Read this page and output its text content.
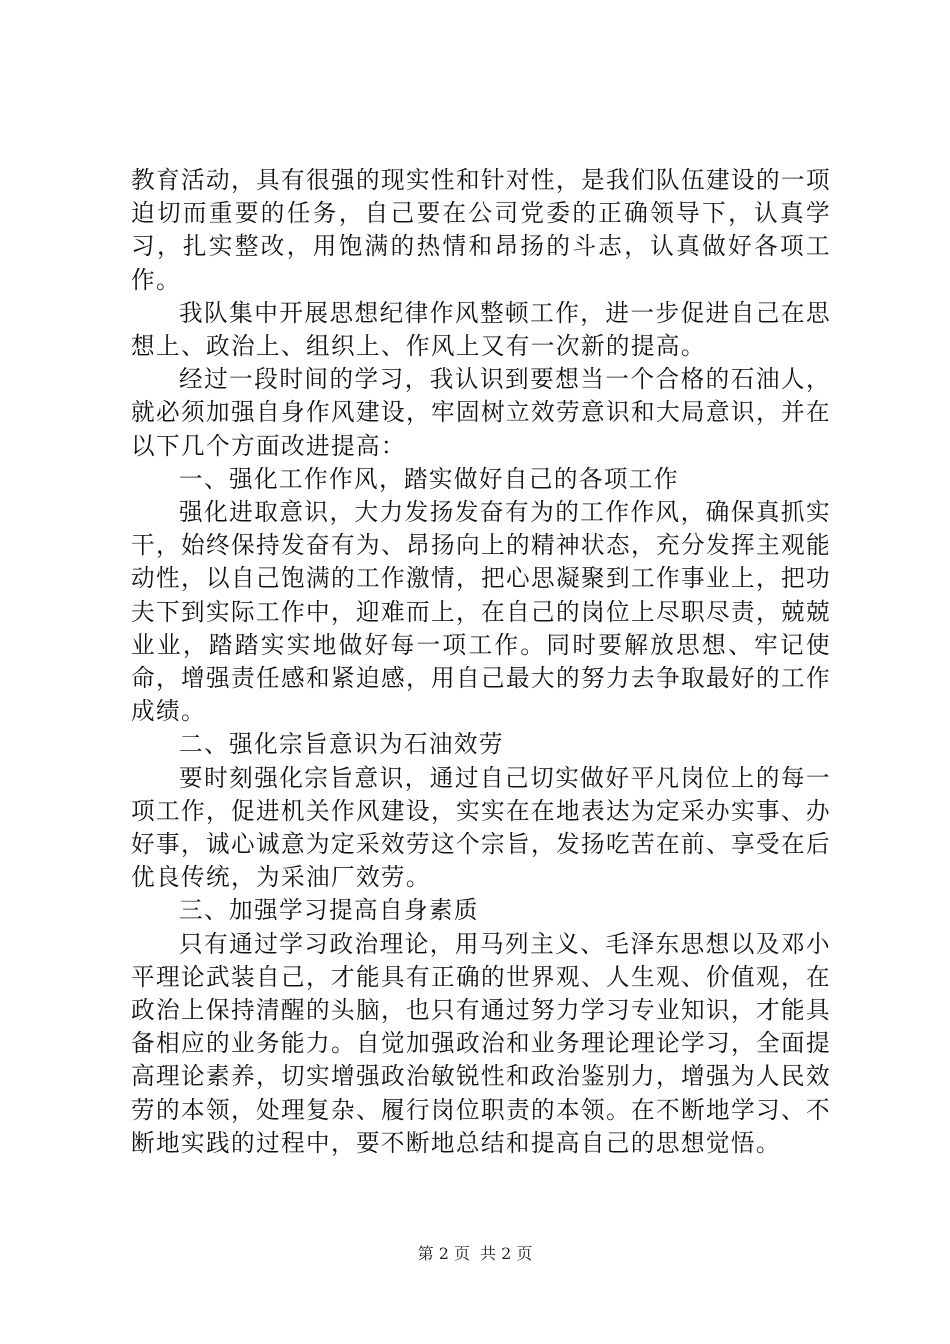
教育活动，具有很强的现实性和针对性，是我们队伍建设的一项迫切而重要的任务，自己要在公司党委的正确领导下，认真学习，扎实整改，用饱满的热情和昂扬的斗志，认真做好各项工作。

我队集中开展思想纪律作风整顿工作，进一步促进自己在思想上、政治上、组织上、作风上又有一次新的提高。

经过一段时间的学习，我认识到要想当一个合格的石油人，就必须加强自身作风建设，牢固树立效劳意识和大局意识，并在以下几个方面改进提高：

一、强化工作作风，踏实做好自己的各项工作

强化进取意识，大力发扬发奋有为的工作作风，确保真抓实干，始终保持发奋有为、昂扬向上的精神状态，充分发挥主观能动性，以自己饱满的工作激情，把心思凝聚到工作事业上，把功夫下到实际工作中，迎难而上，在自己的岗位上尽职尽责，兢兢业业，踏踏实实地做好每一项工作。同时要解放思想、牢记使命，增强责任感和紧迫感，用自己最大的努力去争取最好的工作成绩。

二、强化宗旨意识为石油效劳

要时刻强化宗旨意识，通过自己切实做好平凡岗位上的每一项工作，促进机关作风建设，实实在在地表达为定采办实事、办好事，诚心诚意为定采效劳这个宗旨，发扬吃苦在前、享受在后优良传统，为采油厂效劳。

三、加强学习提高自身素质

只有通过学习政治理论，用马列主义、毛泽东思想以及邓小平理论武装自己，才能具有正确的世界观、人生观、价值观，在政治上保持清醒的头脑，也只有通过努力学习专业知识，才能具备相应的业务能力。自觉加强政治和业务理论理论学习，全面提高理论素养，切实增强政治敏锐性和政治鉴别力，增强为人民效劳的本领，处理复杂、履行岗位职责的本领。在不断地学习、不断地实践的过程中，要不断地总结和提高自己的思想觉悟。

第 2 页 共 2 页
